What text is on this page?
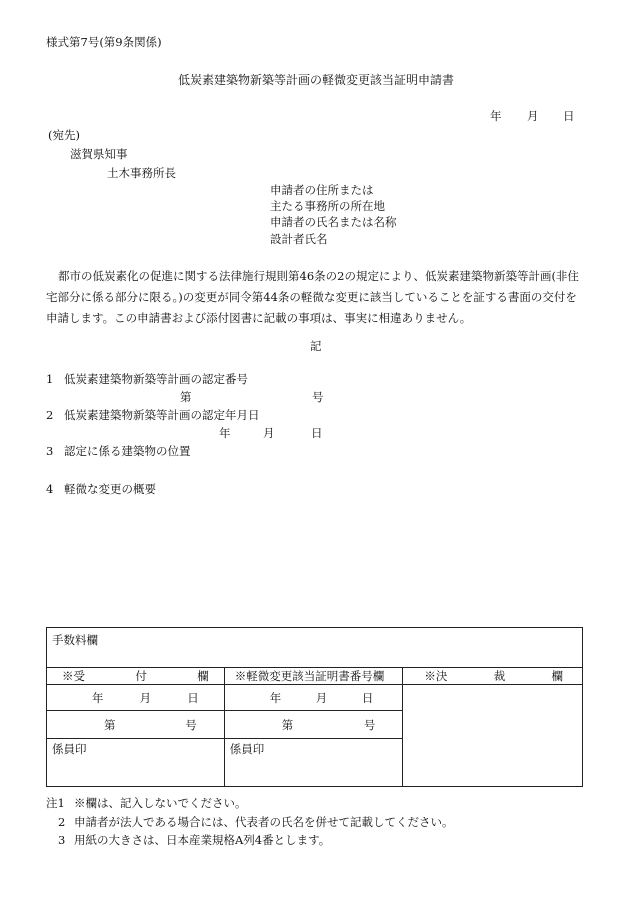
様式第7号(第9条関係)
低炭素建築物新築等計画の軽微変更該当証明申請書
年 月 日
(宛先)
滋賀県知事
土木事務所長
申請者の住所または
主たる事務所の所在地
申請者の氏名または名称
設計者氏名
都市の低炭素化の促進に関する法律施行規則第46条の2の規定により、低炭素建築物新築等計画(非住宅部分に係る部分に限る。)の変更が同令第44条の軽微な変更に該当していることを証する書面の交付を申請します。この申請書および添付図書に記載の事項は、事実に相違ありません。
記
1 低炭素建築物新築等計画の認定番号
第	号
2 低炭素建築物新築等計画の認定年月日
年	月	日
3 認定に係る建築物の位置
4 軽微な変更の概要
手数料欄		

※受 付 欄	※軽微変更該当証明書番号欄	※決 裁 欄

年 月 日	年 月 日	

第 号	第 号	

係員印	係員印	
注1 ※欄は、記入しないでください。
2 申請者が法人である場合には、代表者の氏名を併せて記載してください。
3 用紙の大きさは、日本産業規格A列4番とします。
